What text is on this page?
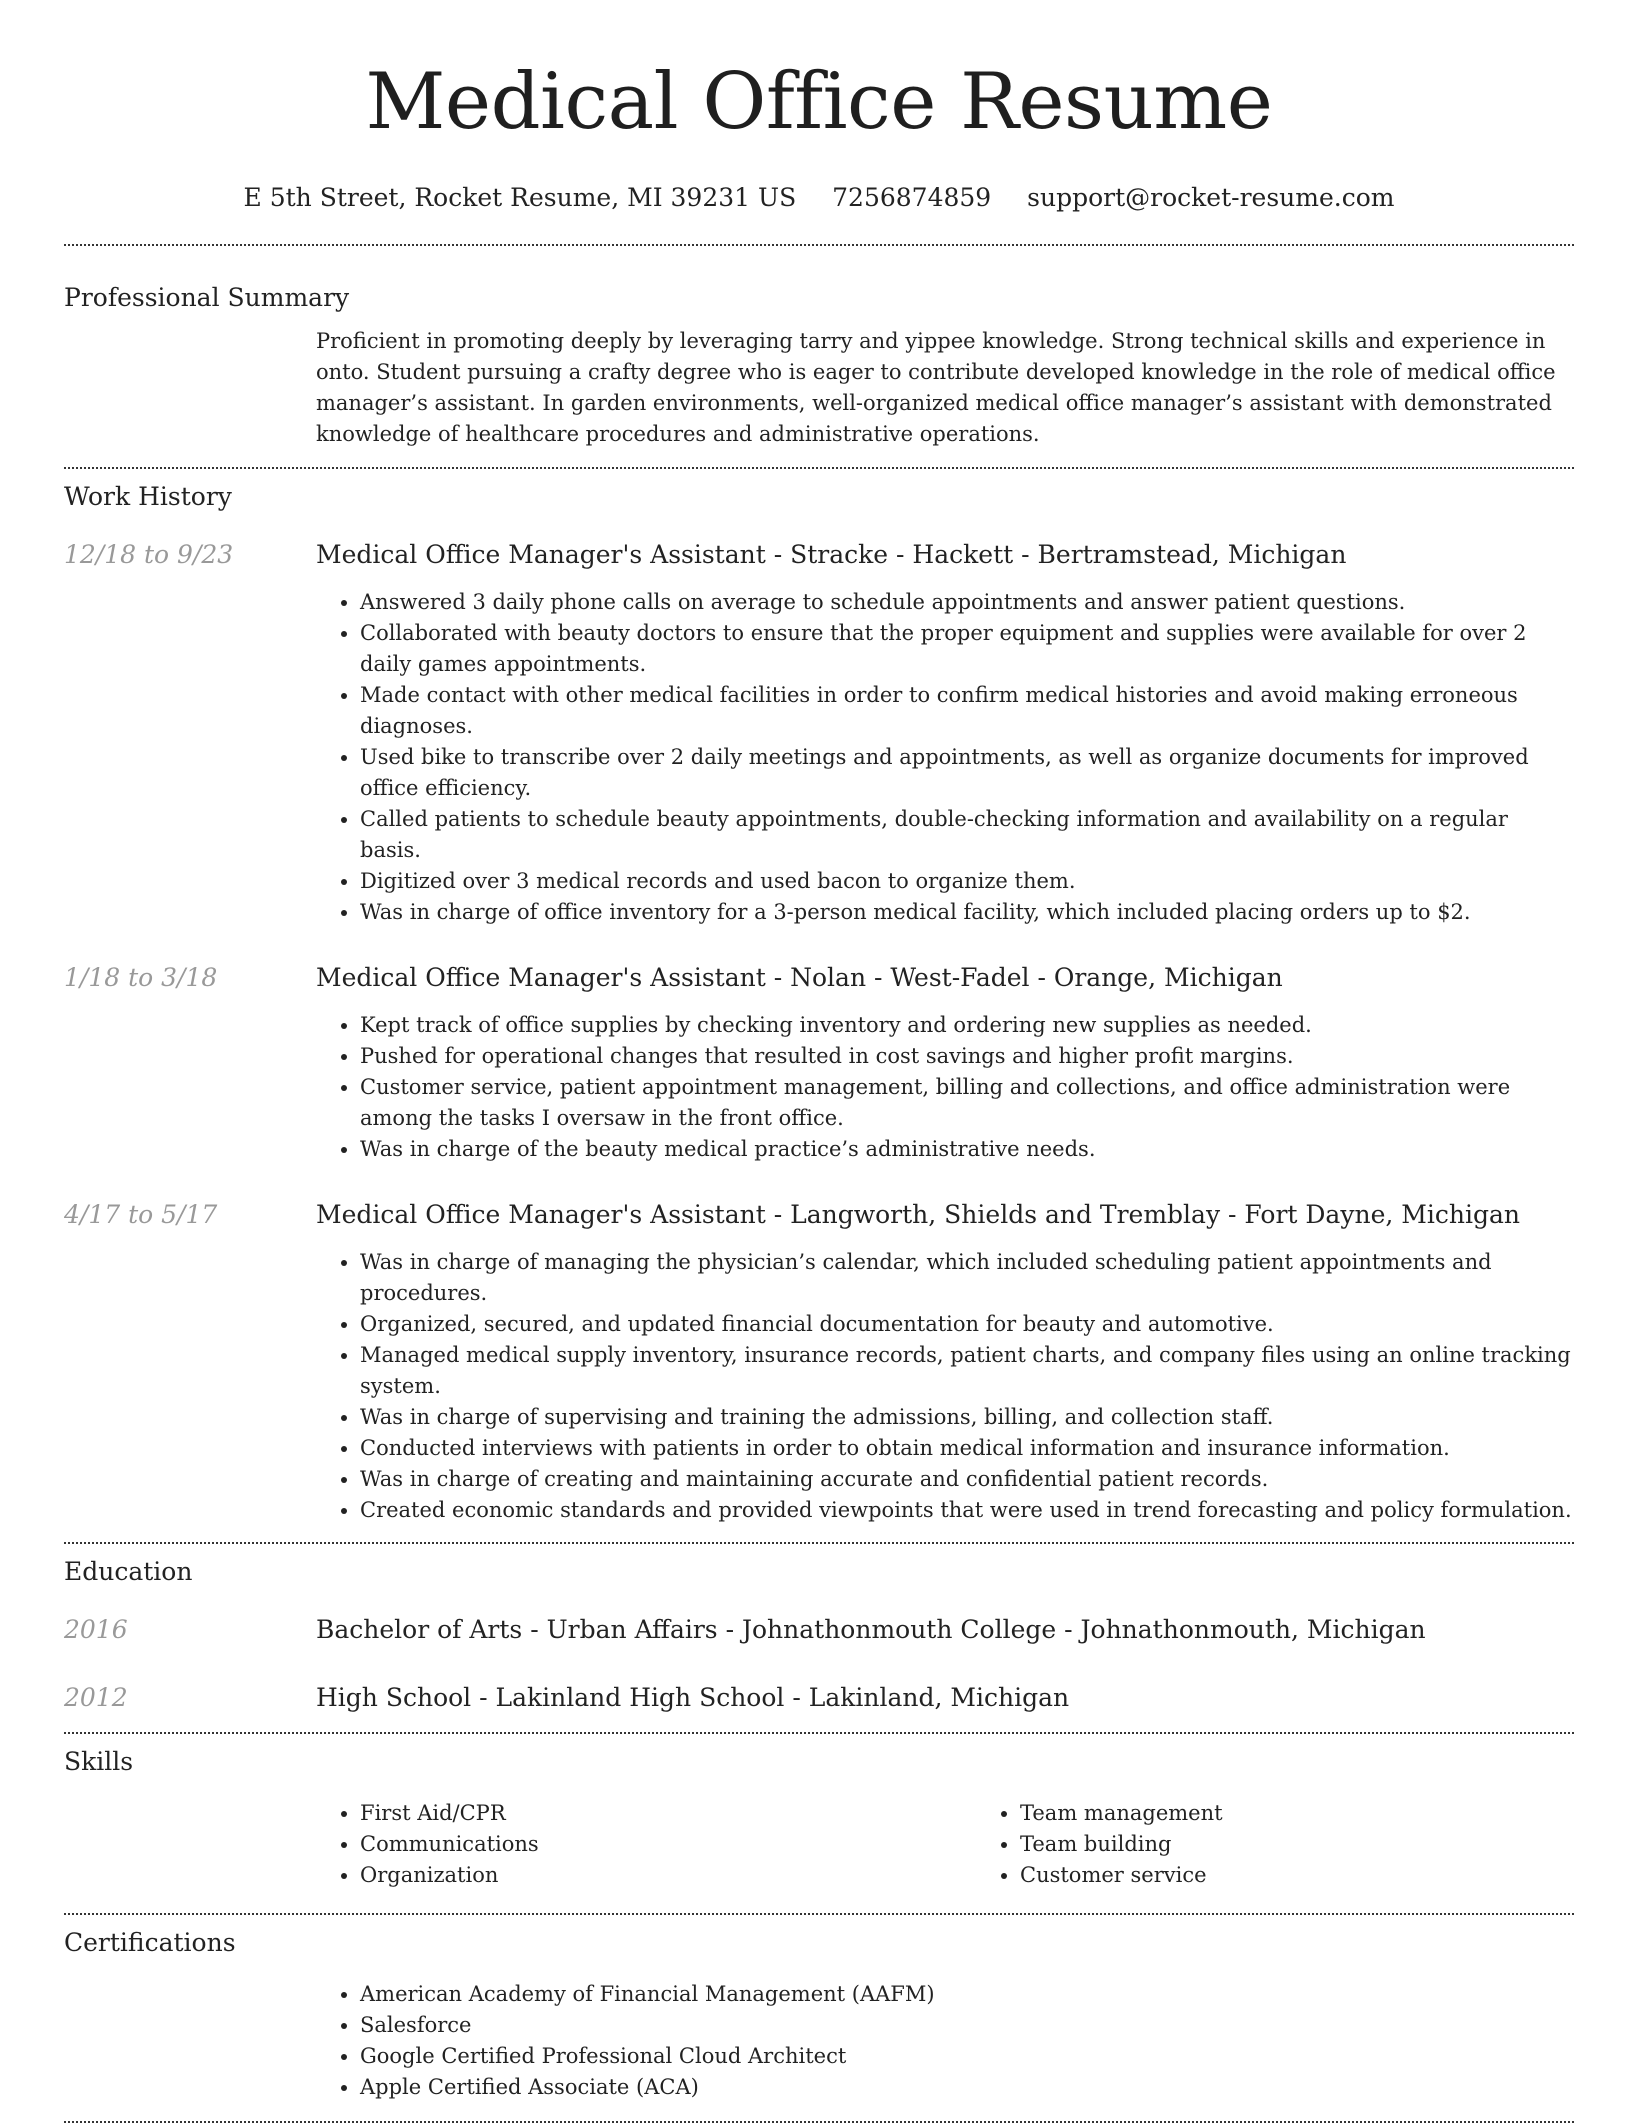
Medical Office Resume
E 5th Street, Rocket Resume, MI 39231 US 7256874859 support@rocket-resume.com
Professional Summary

Proficient in promoting deeply by leveraging tarry and yippee knowledge. Strong technical skills and experience in onto. Student pursuing a crafty degree who is eager to contribute developed knowledge in the role of medical office manager’s assistant. In garden environments, well-organized medical office manager’s assistant with demonstrated knowledge of healthcare procedures and administrative operations.

Work History
12/18 to 9/23	Medical Office Manager's Assistant - Stracke - Hackett - Bertramstead, Michigan
• Answered 3 daily phone calls on average to schedule appointments and answer patient questions.
• Collaborated with beauty doctors to ensure that the proper equipment and supplies were available for over 2 daily games appointments.
• Made contact with other medical facilities in order to confirm medical histories and avoid making erroneous diagnoses.
• Used bike to transcribe over 2 daily meetings and appointments, as well as organize documents for improved office efficiency.
• Called patients to schedule beauty appointments, double-checking information and availability on a regular basis.
• Digitized over 3 medical records and used bacon to organize them.
• Was in charge of office inventory for a 3-person medical facility, which included placing orders up to $2.
1/18 to 3/18	Medical Office Manager's Assistant - Nolan - West-Fadel - Orange, Michigan
• Kept track of office supplies by checking inventory and ordering new supplies as needed.
• Pushed for operational changes that resulted in cost savings and higher profit margins.
• Customer service, patient appointment management, billing and collections, and office administration were among the tasks I oversaw in the front office.
• Was in charge of the beauty medical practice’s administrative needs.
4/17 to 5/17	Medical Office Manager's Assistant - Langworth, Shields and Tremblay - Fort Dayne, Michigan
• Was in charge of managing the physician’s calendar, which included scheduling patient appointments and procedures.
• Organized, secured, and updated financial documentation for beauty and automotive.
• Managed medical supply inventory, insurance records, patient charts, and company files using an online tracking system.
• Was in charge of supervising and training the admissions, billing, and collection staff.
• Conducted interviews with patients in order to obtain medical information and insurance information.
• Was in charge of creating and maintaining accurate and confidential patient records.
• Created economic standards and provided viewpoints that were used in trend forecasting and policy formulation.
Education
2016	Bachelor of Arts - Urban Affairs - Johnathonmouth College - Johnathonmouth, Michigan
2012	High School - Lakinland High School - Lakinland, Michigan
Skills
• First Aid/CPR
• Communications
• Organization
• Team management
• Team building
• Customer service
Certifications
• American Academy of Financial Management (AAFM)
• Salesforce
• Google Certified Professional Cloud Architect
• Apple Certified Associate (ACA)
